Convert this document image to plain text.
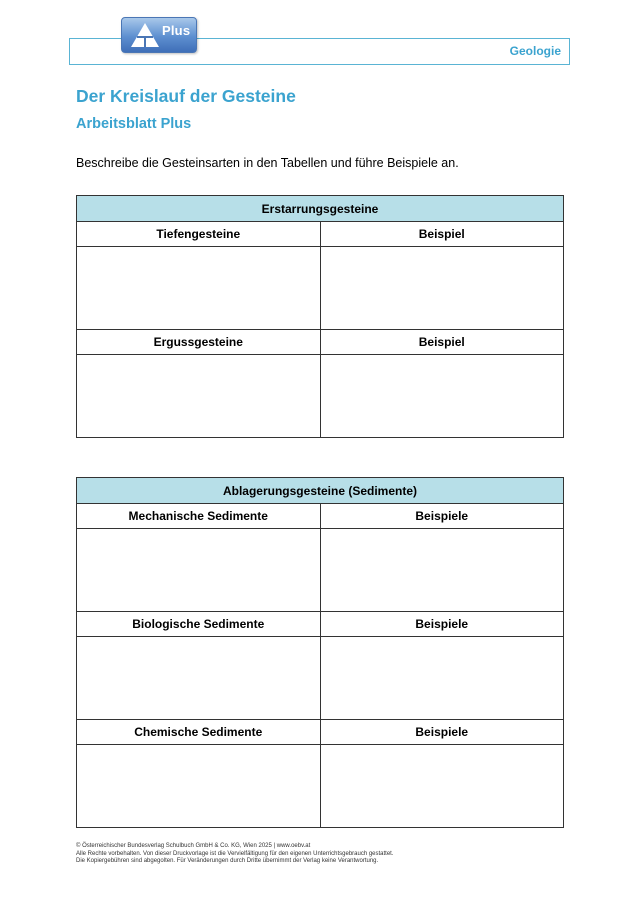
Geologie
Plus
Der Kreislauf der Gesteine
Arbeitsblatt Plus

Beschreibe die Gesteinsarten in den Tabellen und führe Beispiele an.

Erstarrungsgesteine	
Tiefengesteine	Beispiel

Ergussgesteine	Beispiel

Ablagerungsgesteine (Sedimente)	
Mechanische Sedimente	Beispiele

Biologische Sedimente	Beispiele

Chemische Sedimente	Beispiele

© Österreichischer Bundesverlag Schulbuch GmbH & Co. KG, Wien 2025 | www.oebv.at
Alle Rechte vorbehalten. Von dieser Druckvorlage ist die Vervielfältigung für den eigenen Unterrichtsgebrauch gestattet.
Die Kopiergebühren sind abgegolten. Für Veränderungen durch Dritte übernimmt der Verlag keine Verantwortung.
